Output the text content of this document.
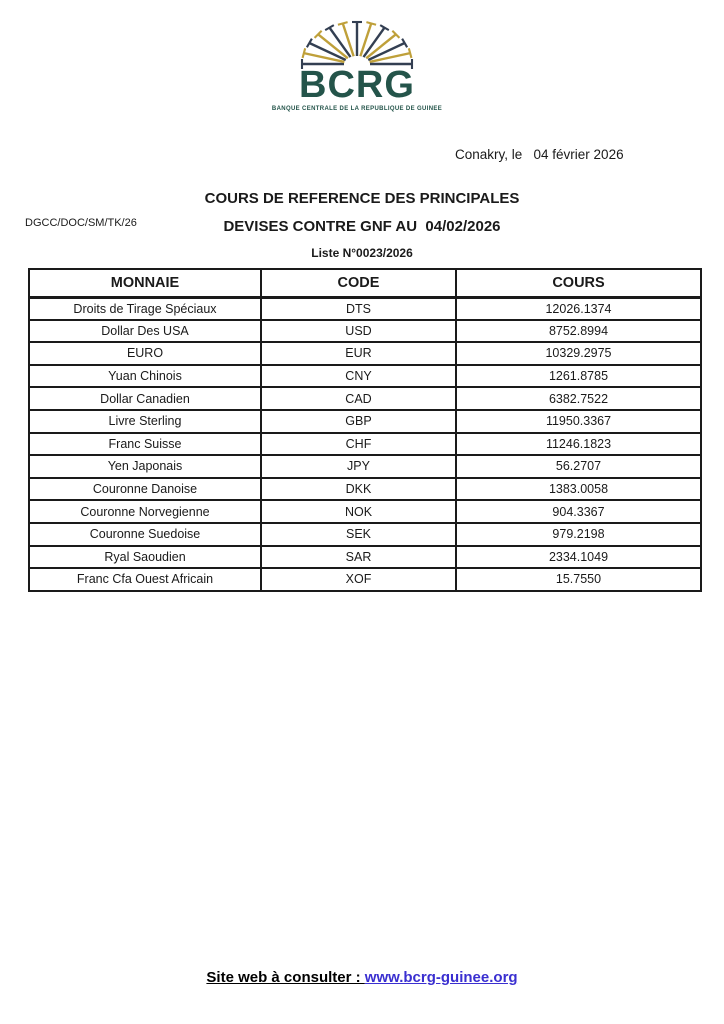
BCRG
BANQUE CENTRALE DE LA REPUBLIQUE DE GUINEE
Conakry, le   04 février 2026
DGCC/DOC/SM/TK/26
COURS DE REFERENCE DES PRINCIPALES
DEVISES CONTRE GNF AU  04/02/2026
Liste N°0023/2026
MONNAIE	CODE	COURS
Droits de Tirage Spéciaux	DTS	12026.1374
Dollar Des USA	USD	8752.8994
EURO	EUR	10329.2975
Yuan Chinois	CNY	1261.8785
Dollar Canadien	CAD	6382.7522
Livre Sterling	GBP	11950.3367
Franc Suisse	CHF	11246.1823
Yen Japonais	JPY	56.2707
Couronne Danoise	DKK	1383.0058
Couronne Norvegienne	NOK	904.3367
Couronne Suedoise	SEK	979.2198
Ryal Saoudien	SAR	2334.1049
Franc Cfa Ouest Africain	XOF	15.7550
Site web à consulter : www.bcrg-guinee.org
